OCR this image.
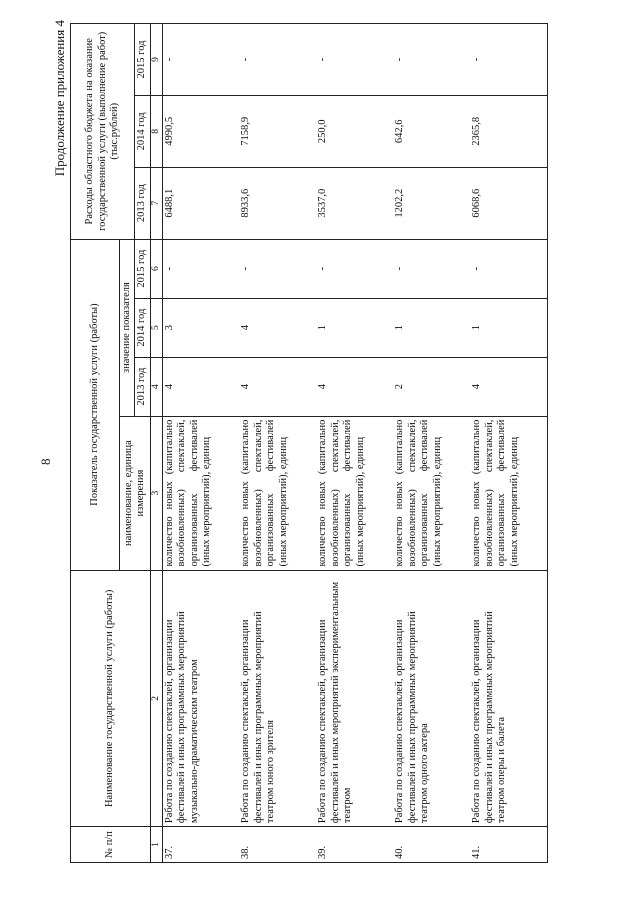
8
Продолжение приложения 4
№ п/п	Наименование государственной услуги (работы)	Показатель государственной услуги (работы)				Расходы областного бюджета на оказание государственной услуги (выполнение работ) (тыс.рублей)		
		наименование, единица измерения	значение показателя					
			2013 год	2014 год	2015 год	2013 год	2014 год	2015 год
1	2	3	4	5	6	7	8	9
37.	Работа по созданию спектаклей, организации фестивалей и иных программных мероприятий музыкально-драматическим театром	количество новых (капитально возобновленных) спектаклей, организованных фестивалей (иных мероприятий), единиц	4	3	-	6488,1	4990,5	-
38.	Работа по созданию спектаклей, организации фестивалей и иных программных мероприятий театром юного зрителя	количество новых (капитально возобновленных) спектаклей, организованных фестивалей (иных мероприятий), единиц	4	4	-	8933,6	7158,9	-
39.	Работа по созданию спектаклей, организации фестивалей и иных мероприятий экспериментальным театром	количество новых (капитально возобновленных) спектаклей, организованных фестивалей (иных мероприятий), единиц	4	1	-	3537,0	250,0	-
40.	Работа по созданию спектаклей, организации фестивалей и иных программных мероприятий театром одного актера	количество новых (капитально возобновленных) спектаклей, организованных фестивалей (иных мероприятий), единиц	2	1	-	1202,2	642,6	-
41.	Работа по созданию спектаклей, организации фестивалей и иных программных мероприятий театром оперы и балета	количество новых (капитально возобновленных) спектаклей, организованных фестивалей (иных мероприятий), единиц	4	1	-	6068,6	2365,8	-
